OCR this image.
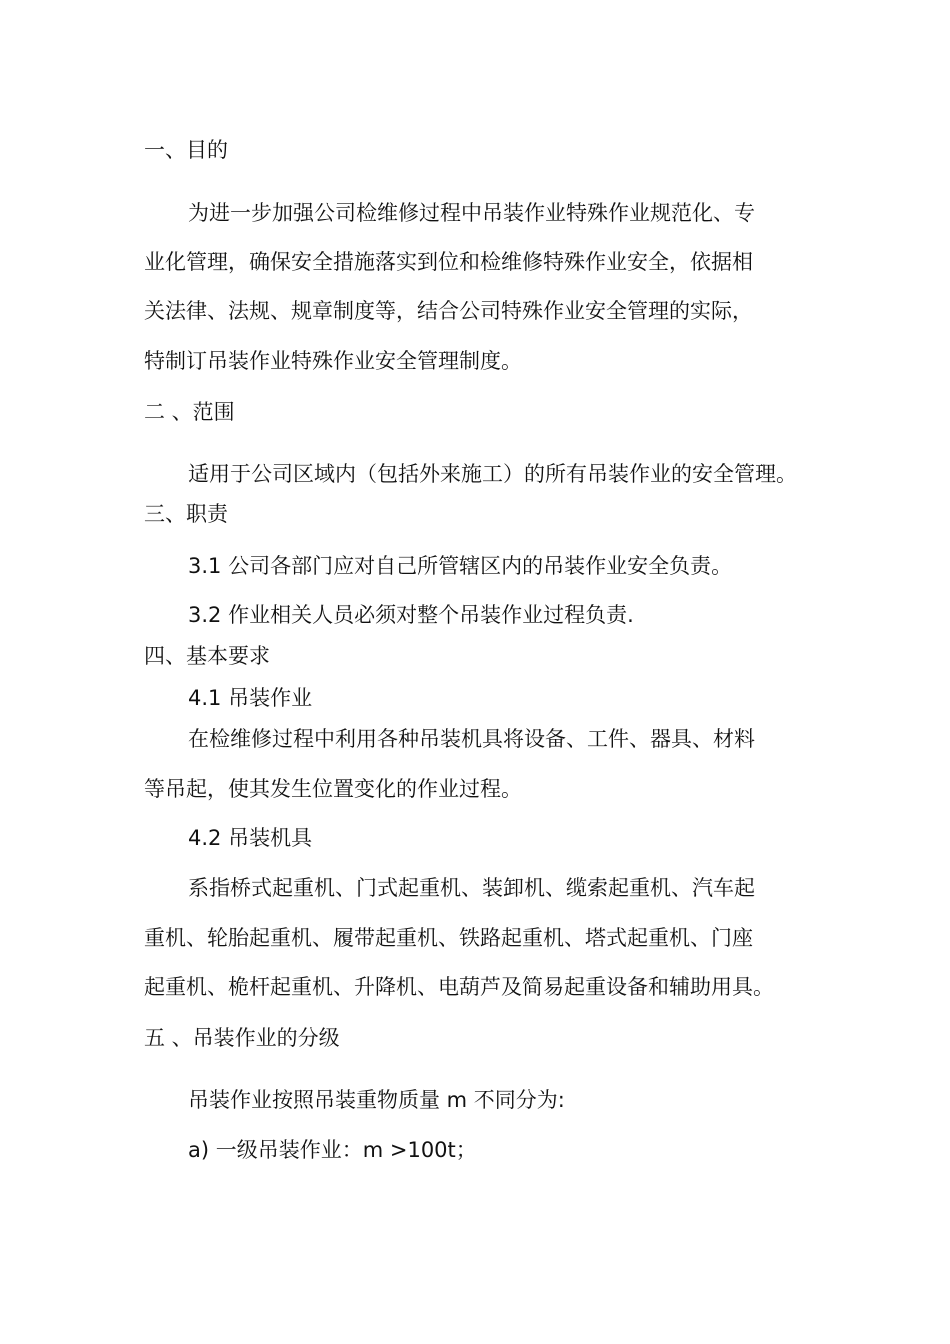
一、目的
为进一步加强公司检维修过程中吊装作业特殊作业规范化、专
业化管理，确保安全措施落实到位和检维修特殊作业安全，依据相
关法律、法规、规章制度等，结合公司特殊作业安全管理的实际，
特制订吊装作业特殊作业安全管理制度。
二 、范围
适用于公司区域内（包括外来施工）的所有吊装作业的安全管理。
三、职责
3.1 公司各部门应对自己所管辖区内的吊装作业安全负责。
3.2 作业相关人员必须对整个吊装作业过程负责.
四、基本要求
4.1 吊装作业
在检维修过程中利用各种吊装机具将设备、工件、器具、材料
等吊起，使其发生位置变化的作业过程。
4.2 吊装机具
系指桥式起重机、门式起重机、装卸机、缆索起重机、汽车起
重机、轮胎起重机、履带起重机、铁路起重机、塔式起重机、门座
起重机、桅杆起重机、升降机、电葫芦及简易起重设备和辅助用具。
五 、吊装作业的分级
吊装作业按照吊装重物质量 m 不同分为:
a) 一级吊装作业：m >100t；
